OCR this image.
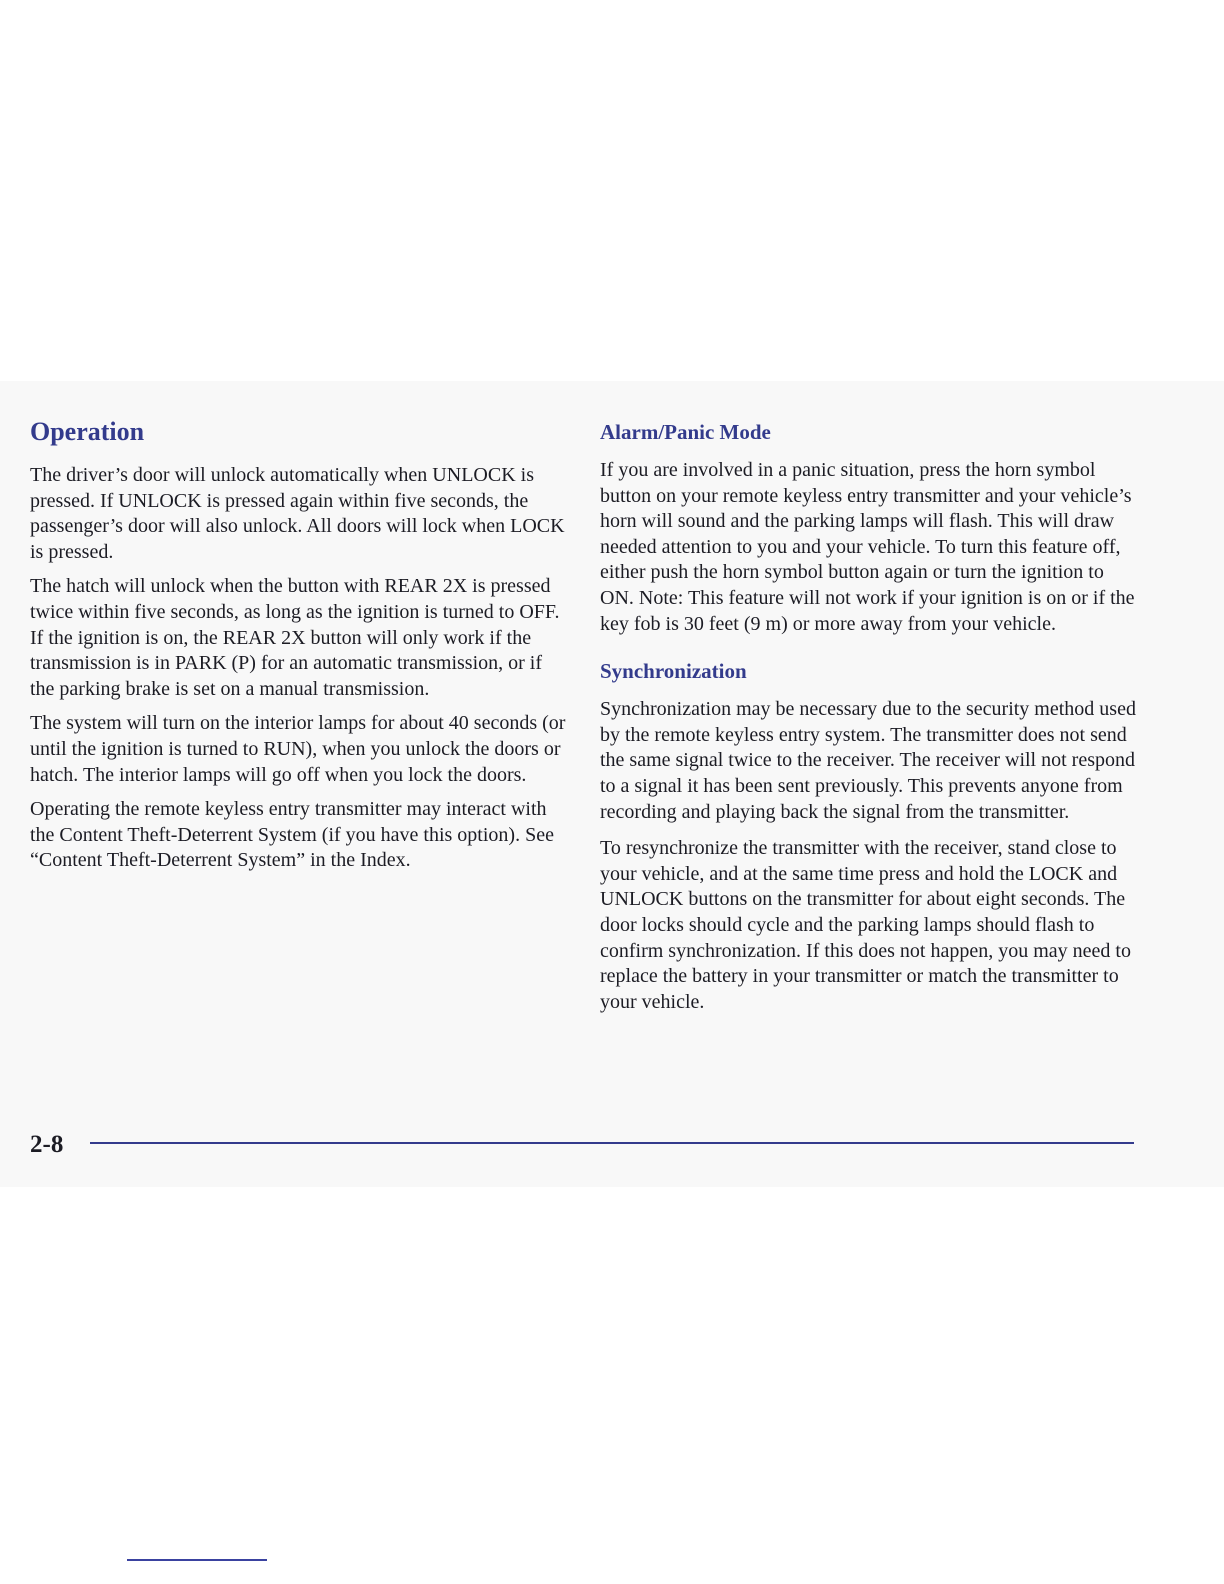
Operation

The driver’s door will unlock automatically when UNLOCK is pressed. If UNLOCK is pressed again within five seconds, the passenger’s door will also unlock. All doors will lock when LOCK is pressed.

The hatch will unlock when the button with REAR 2X is pressed twice within five seconds, as long as the ignition is turned to OFF. If the ignition is on, the REAR 2X button will only work if the transmission is in PARK (P) for an automatic transmission, or if the parking brake is set on a manual transmission.

The system will turn on the interior lamps for about 40 seconds (or until the ignition is turned to RUN), when you unlock the doors or hatch. The interior lamps will go off when you lock the doors.

Operating the remote keyless entry transmitter may interact with the Content Theft-Deterrent System (if you have this option). See “Content Theft-Deterrent System” in the Index.

Alarm/Panic Mode

If you are involved in a panic situation, press the horn symbol button on your remote keyless entry transmitter and your vehicle’s horn will sound and the parking lamps will flash. This will draw needed attention to you and your vehicle. To turn this feature off, either push the horn symbol button again or turn the ignition to ON. Note: This feature will not work if your ignition is on or if the key fob is 30 feet (9 m) or more away from your vehicle.

Synchronization

Synchronization may be necessary due to the security method used by the remote keyless entry system. The transmitter does not send the same signal twice to the receiver. The receiver will not respond to a signal it has been sent previously. This prevents anyone from recording and playing back the signal from the transmitter.

To resynchronize the transmitter with the receiver, stand close to your vehicle, and at the same time press and hold the LOCK and UNLOCK buttons on the transmitter for about eight seconds. The door locks should cycle and the parking lamps should flash to confirm synchronization. If this does not happen, you may need to replace the battery in your transmitter or match the transmitter to your vehicle.

2-8
